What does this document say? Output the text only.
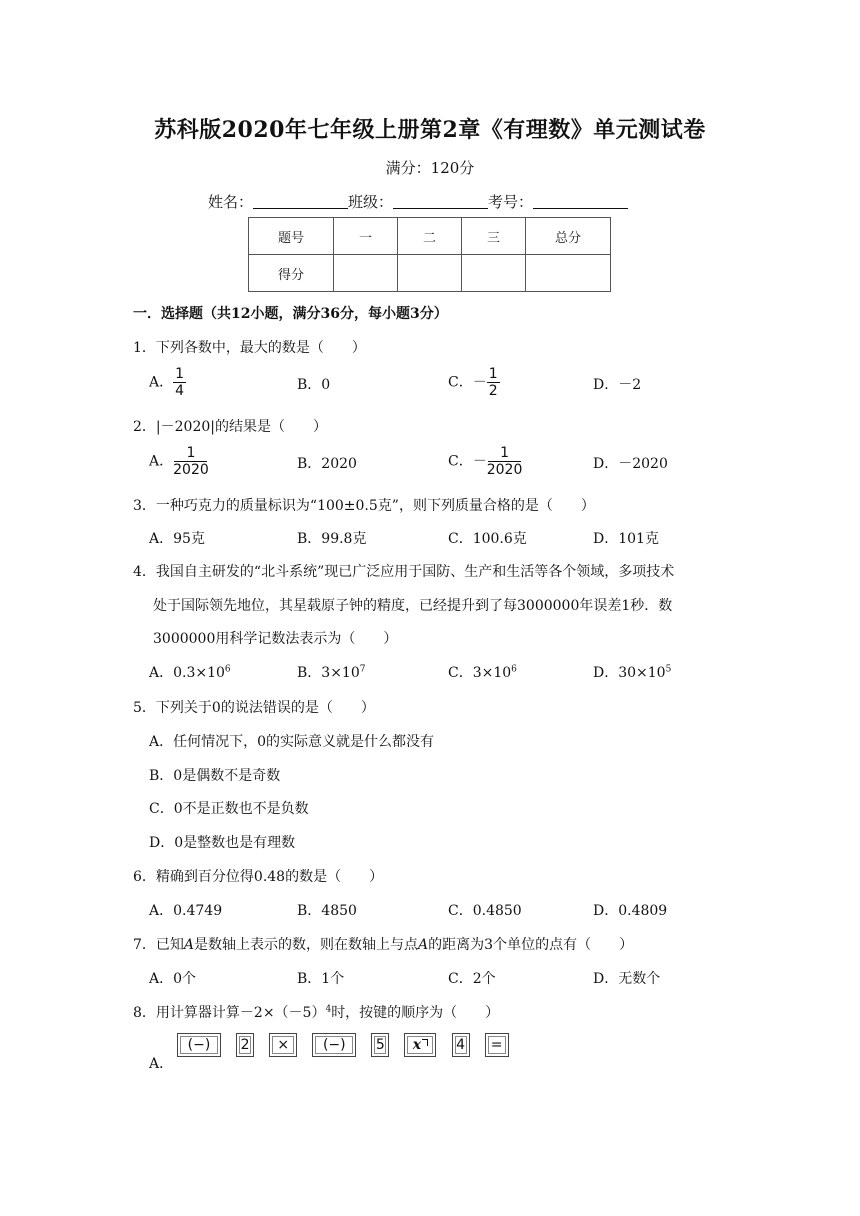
苏科版2020年七年级上册第2章《有理数》单元测试卷
满分：120分
姓名：	班级：	考号：
题号	一	二	三	总分
得分				
一．选择题（共12小题，满分36分，每小题3分）
1．下列各数中，最大的数是（　　）
A． $\frac{1}{4}$	B．0	C．－ $\frac{1}{2}$	D．－2
2．|－2020|的结果是（　　）
A． $\frac{1}{2020}$	B．2020	C．－ $\frac{1}{2020}$	D．－2020
3．一种巧克力的质量标识为“100±0.5克”，则下列质量合格的是（　　）
A．95克	B．99.8克	C．100.6克	D．101克
4．我国自主研发的“北斗系统”现已广泛应用于国防、生产和生活等各个领域，多项技术
处于国际领先地位，其星载原子钟的精度，已经提升到了每3000000年误差1秒．数
3000000用科学记数法表示为（　　）
A．$0.3\times 10^6$	B．$3\times 10^7$	C．$3\times 10^6$	D．$30\times 10^5$
5．下列关于0的说法错误的是（　　）
A．任何情况下，0的实际意义就是什么都没有
B．0是偶数不是奇数
C．0不是正数也不是负数
D．0是整数也是有理数
6．精确到百分位得0.48的数是（　　）
A．0.4749	B．4850	C．0.4850	D．0.4809
7．已知A是数轴上表示的数，则在数轴上与点A的距离为3个单位的点有（　　）
A．0个	B．1个	C．2个	D．无数个
8．用计算器计算$-2\times(-5)^4$时，按键的顺序为（　　）
A．
(−) 2 × (−) 5 x 4 =
